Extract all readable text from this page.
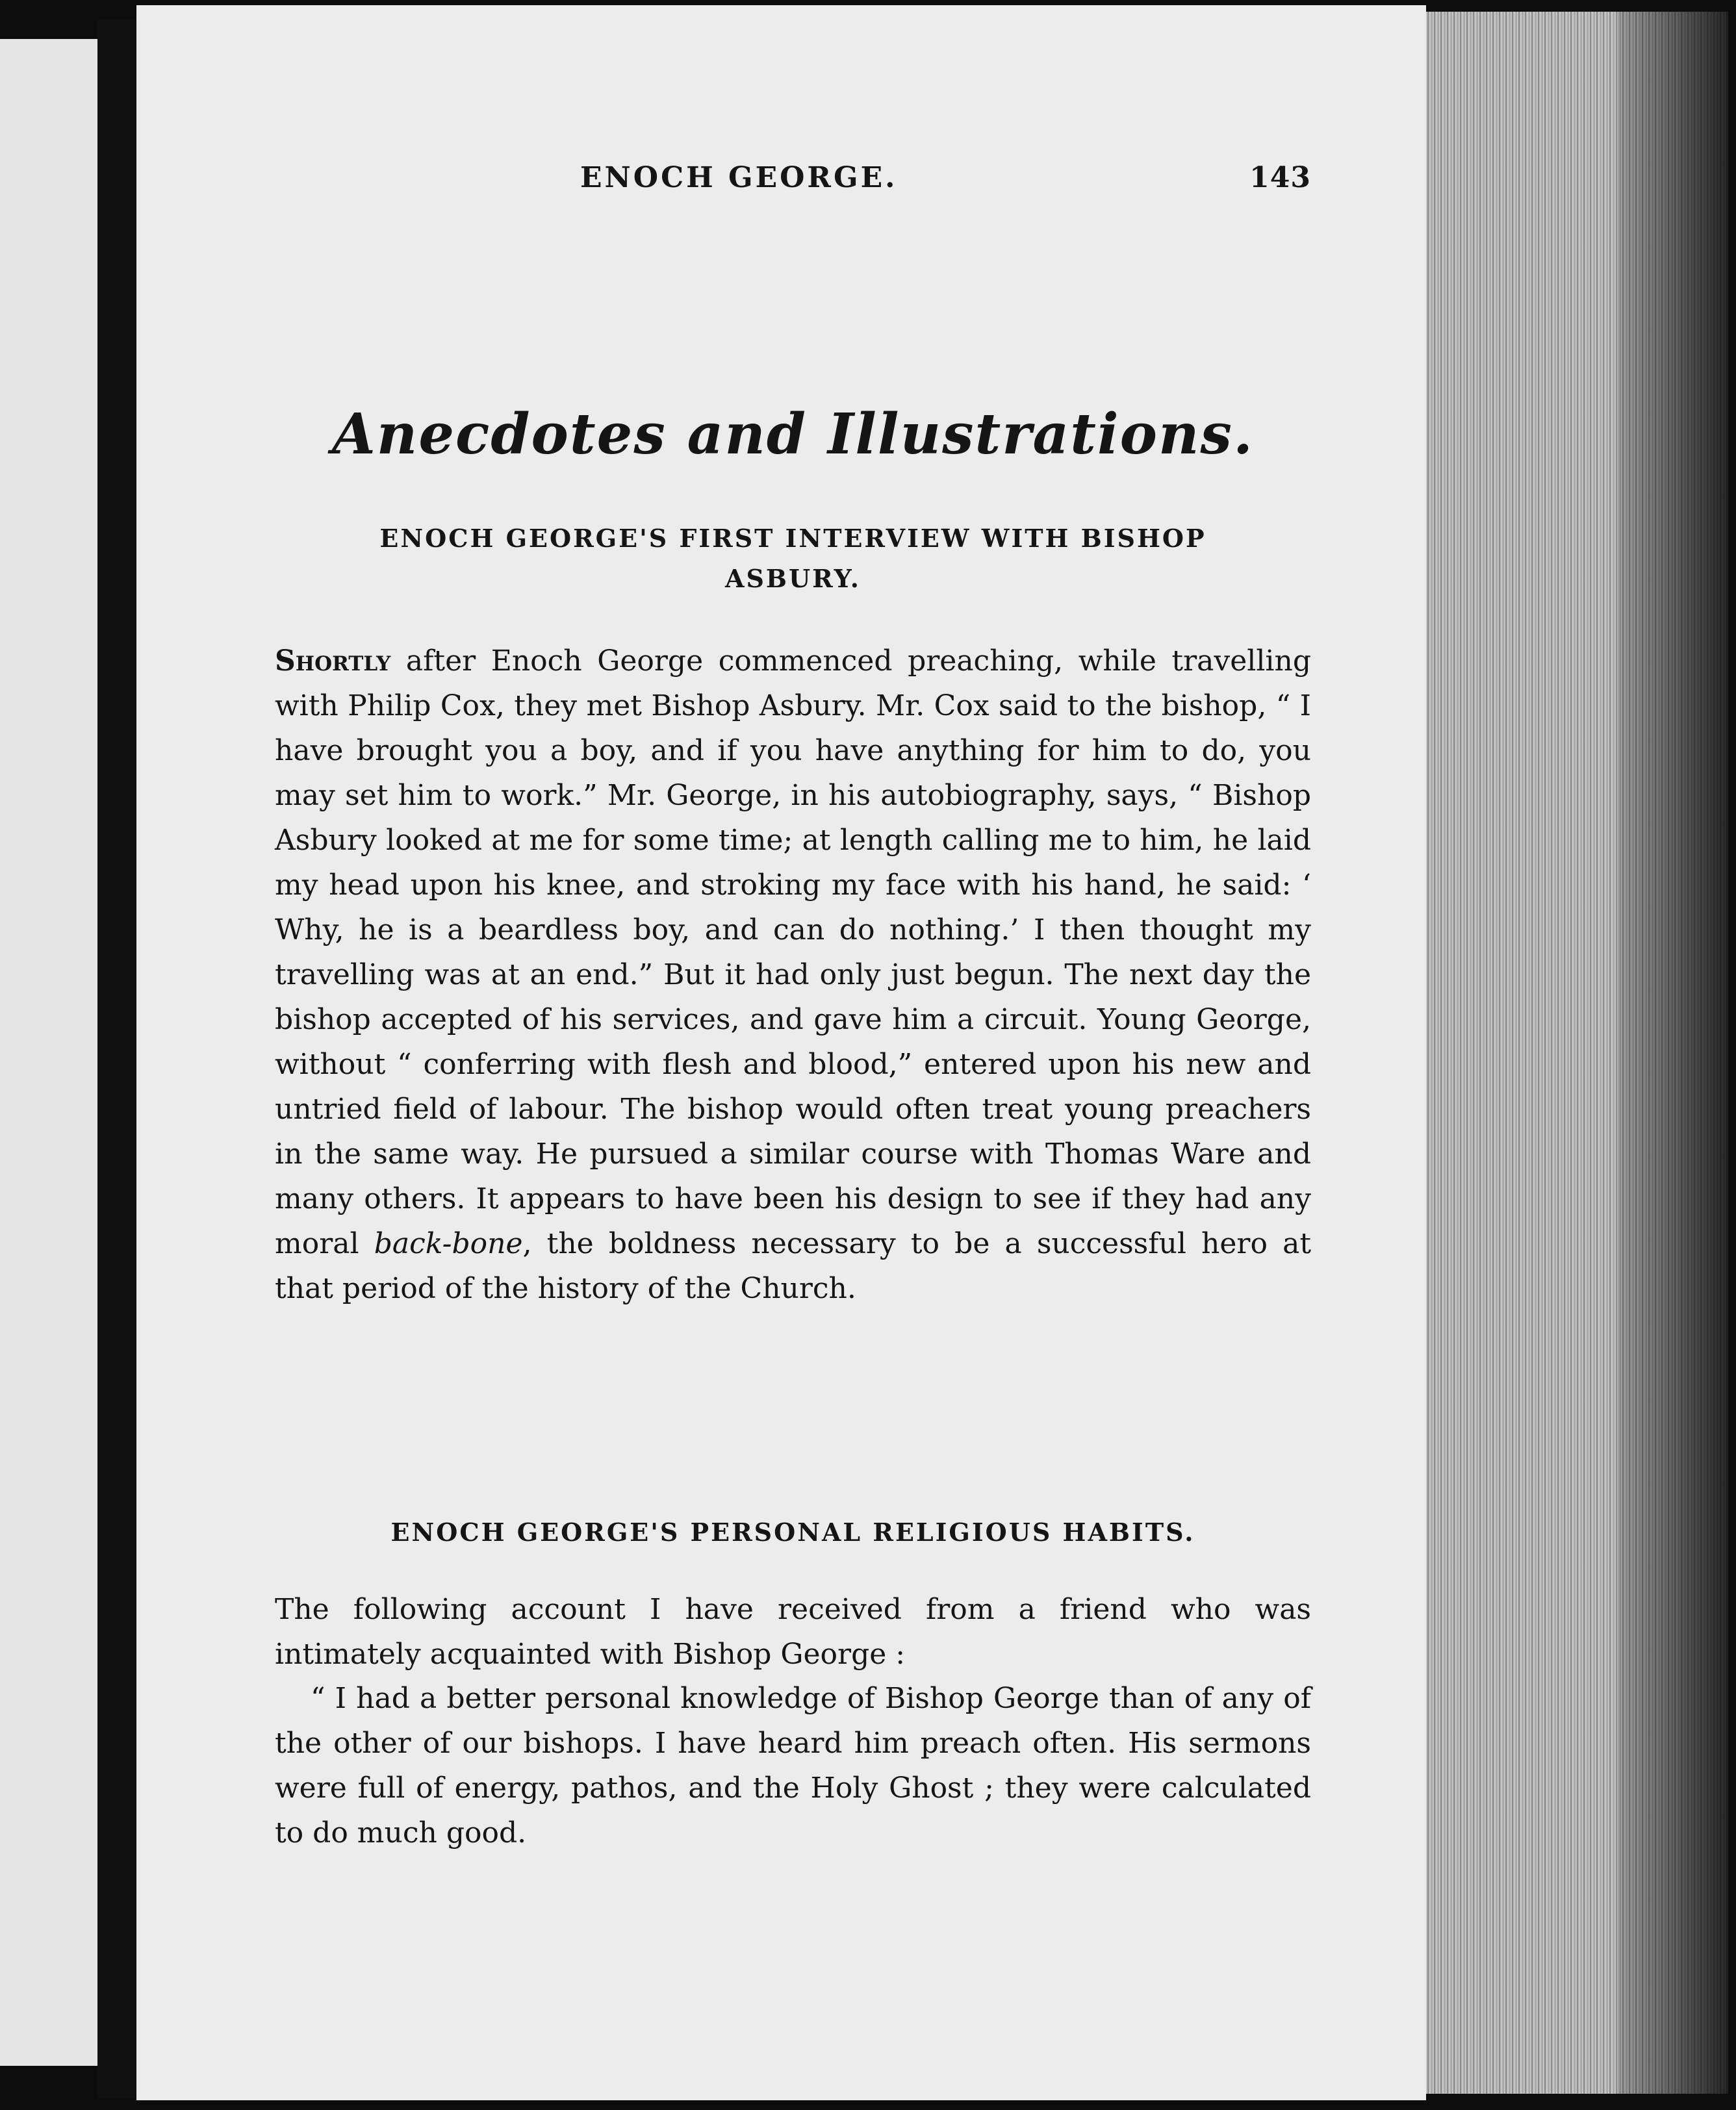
ENOCH GEORGE.	143
Anecdotes and Illustrations.
ENOCH GEORGE'S FIRST INTERVIEW WITH BISHOP
ASBURY.
Shortly after Enoch George commenced preaching, while travelling with Philip Cox, they met Bishop Asbury. Mr. Cox said to the bishop, “ I have brought you a boy, and if you have anything for him to do, you may set him to work.” Mr. George, in his autobiography, says, “ Bishop Asbury looked at me for some time; at length calling me to him, he laid my head upon his knee, and stroking my face with his hand, he said: ‘ Why, he is a beardless boy, and can do nothing.’ I then thought my travelling was at an end.” But it had only just begun. The next day the bishop accepted of his services, and gave him a circuit. Young George, without “ conferring with flesh and blood,” entered upon his new and untried field of labour. The bishop would often treat young preachers in the same way. He pursued a similar course with Thomas Ware and many others. It appears to have been his design to see if they had any moral back-bone, the boldness necessary to be a successful hero at that period of the history of the Church.
ENOCH GEORGE'S PERSONAL RELIGIOUS HABITS.
The following account I have received from a friend who was intimately acquainted with Bishop George :
“ I had a better personal knowledge of Bishop George than of any of the other of our bishops. I have heard him preach often. His sermons were full of energy, pathos, and the Holy Ghost ; they were calculated to do much good.
